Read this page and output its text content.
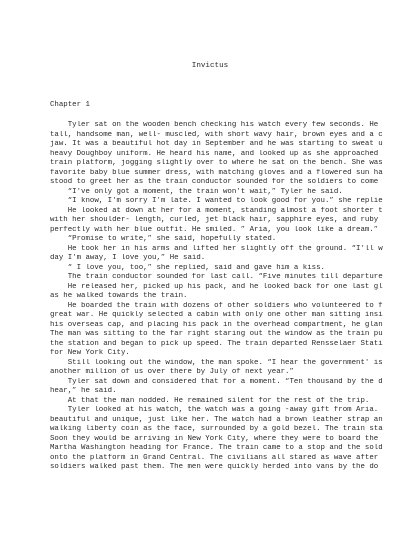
Invictus
Chapter 1
Tyler sat on the wooden bench checking his watch every few seconds. He
tall, handsome man, well- muscled, with short wavy hair, brown eyes and a c
jaw. It was a beautiful hot day in September and he was starting to sweat u
heavy Doughboy uniform. He heard his name, and looked up as she approached
train platform, jogging slightly over to where he sat on the bench. She was
favorite baby blue summer dress, with matching gloves and a flowered sun ha
stood to greet her as the train conductor sounded for the soldiers to come
“I've only got a moment, the train won't wait,” Tyler he said.
“I know, I'm sorry I'm late. I wanted to look good for you.” she replie
He looked at down at her for a moment, standing almost a foot shorter t
with her shoulder- length, curled, jet black hair, sapphire eyes, and ruby
perfectly with her blue outfit. He smiled. ” Aria, you look like a dream.”
“Promise to write,” she said, hopefully stated.
He took her in his arms and lifted her slightly off the ground. “I'll w
day I'm away, I love you,” He said.
“ I love you, too,” she replied, said and gave him a kiss.
The train conductor sounded for last call. “Five minutes till departure
He released her, picked up his pack, and he looked back for one last gl
as he walked towards the train.
He boarded the train with dozens of other soldiers who volunteered to f
great war. He quickly selected a cabin with only one other man sitting insi
his overseas cap, and placing his pack in the overhead compartment, he glan
The man was sitting to the far right staring out the window as the train pu
the station and began to pick up speed. The train departed Rensselaer Stati
for New York City.
Still looking out the window, the man spoke. “I hear the government' is
another million of us over there by July of next year.”
Tyler sat down and considered that for a moment. “Ten thousand by the d
hear,” he said.
At that the man nodded. He remained silent for the rest of the trip.
Tyler looked at his watch, the watch was a going -away gift from Aria.
beautiful and unique, just like her. The watch had a brown leather strap an
walking liberty coin as the face, surrounded by a gold bezel. The train sta
Soon they would be arriving in New York City, where they were to board the
Martha Washington heading for France. The train came to a stop and the sold
onto the platform in Grand Central. The civilians all stared as wave after
soldiers walked past them. The men were quickly herded into vans by the do
